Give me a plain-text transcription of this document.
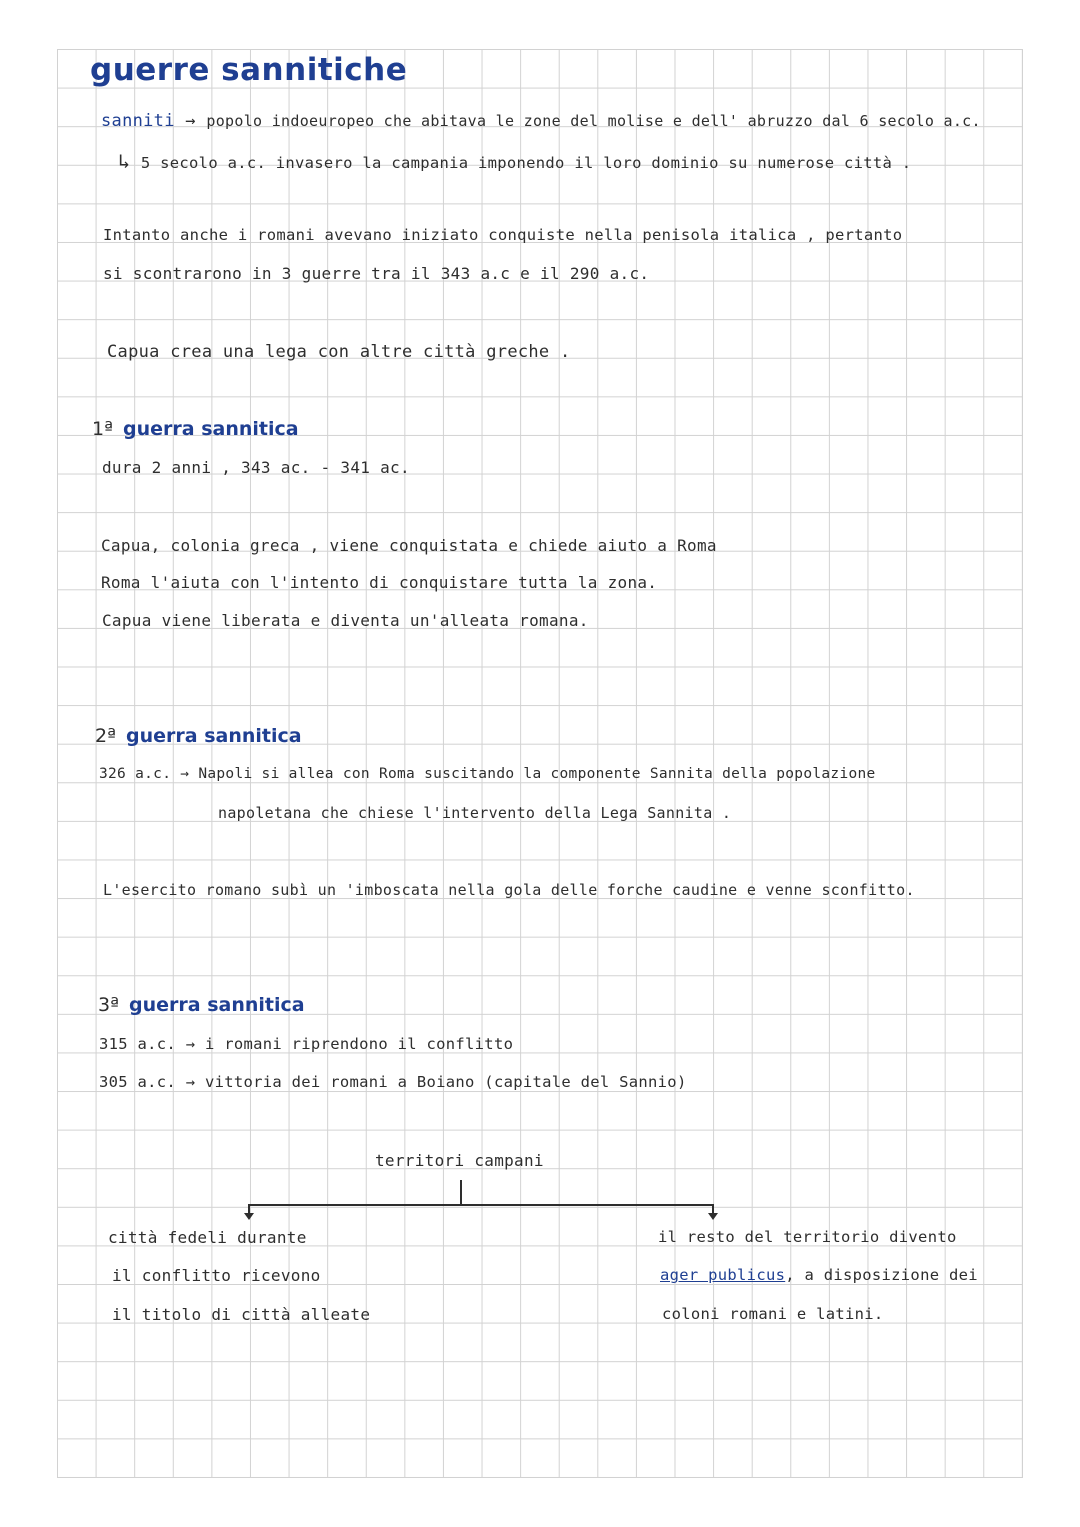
guerre sannitiche
sanniti → popolo indoeuropeo che abitava le zone del molise e dell' abruzzo dal 6 secolo a.c.
↳ 5 secolo a.c. invasero la campania imponendo il loro dominio su numerose città .
Intanto anche i romani avevano iniziato conquiste nella penisola italica , pertanto
si scontrarono in 3 guerre tra il 343 a.c e il 290 a.c.
Capua crea una lega con altre città greche .
1ª guerra sannitica
dura 2 anni , 343 ac. - 341 ac.
Capua, colonia greca , viene conquistata e chiede aiuto a Roma
Roma l'aiuta con l'intento di conquistare tutta la zona.
Capua viene liberata e diventa un'alleata romana.
2ª guerra sannitica
326 a.c. → Napoli si allea con Roma suscitando la componente Sannita della popolazione
napoletana che chiese l'intervento della Lega Sannita .
L'esercito romano subì un 'imboscata nella gola delle forche caudine e venne sconfitto.
3ª guerra sannitica
315 a.c. → i romani riprendono il conflitto
305 a.c. → vittoria dei romani a Boiano (capitale del Sannio)
territori campani
città fedeli durante
il conflitto ricevono
il titolo di città alleate
il resto del territorio divento
ager publicus, a disposizione dei
coloni romani e latini.
